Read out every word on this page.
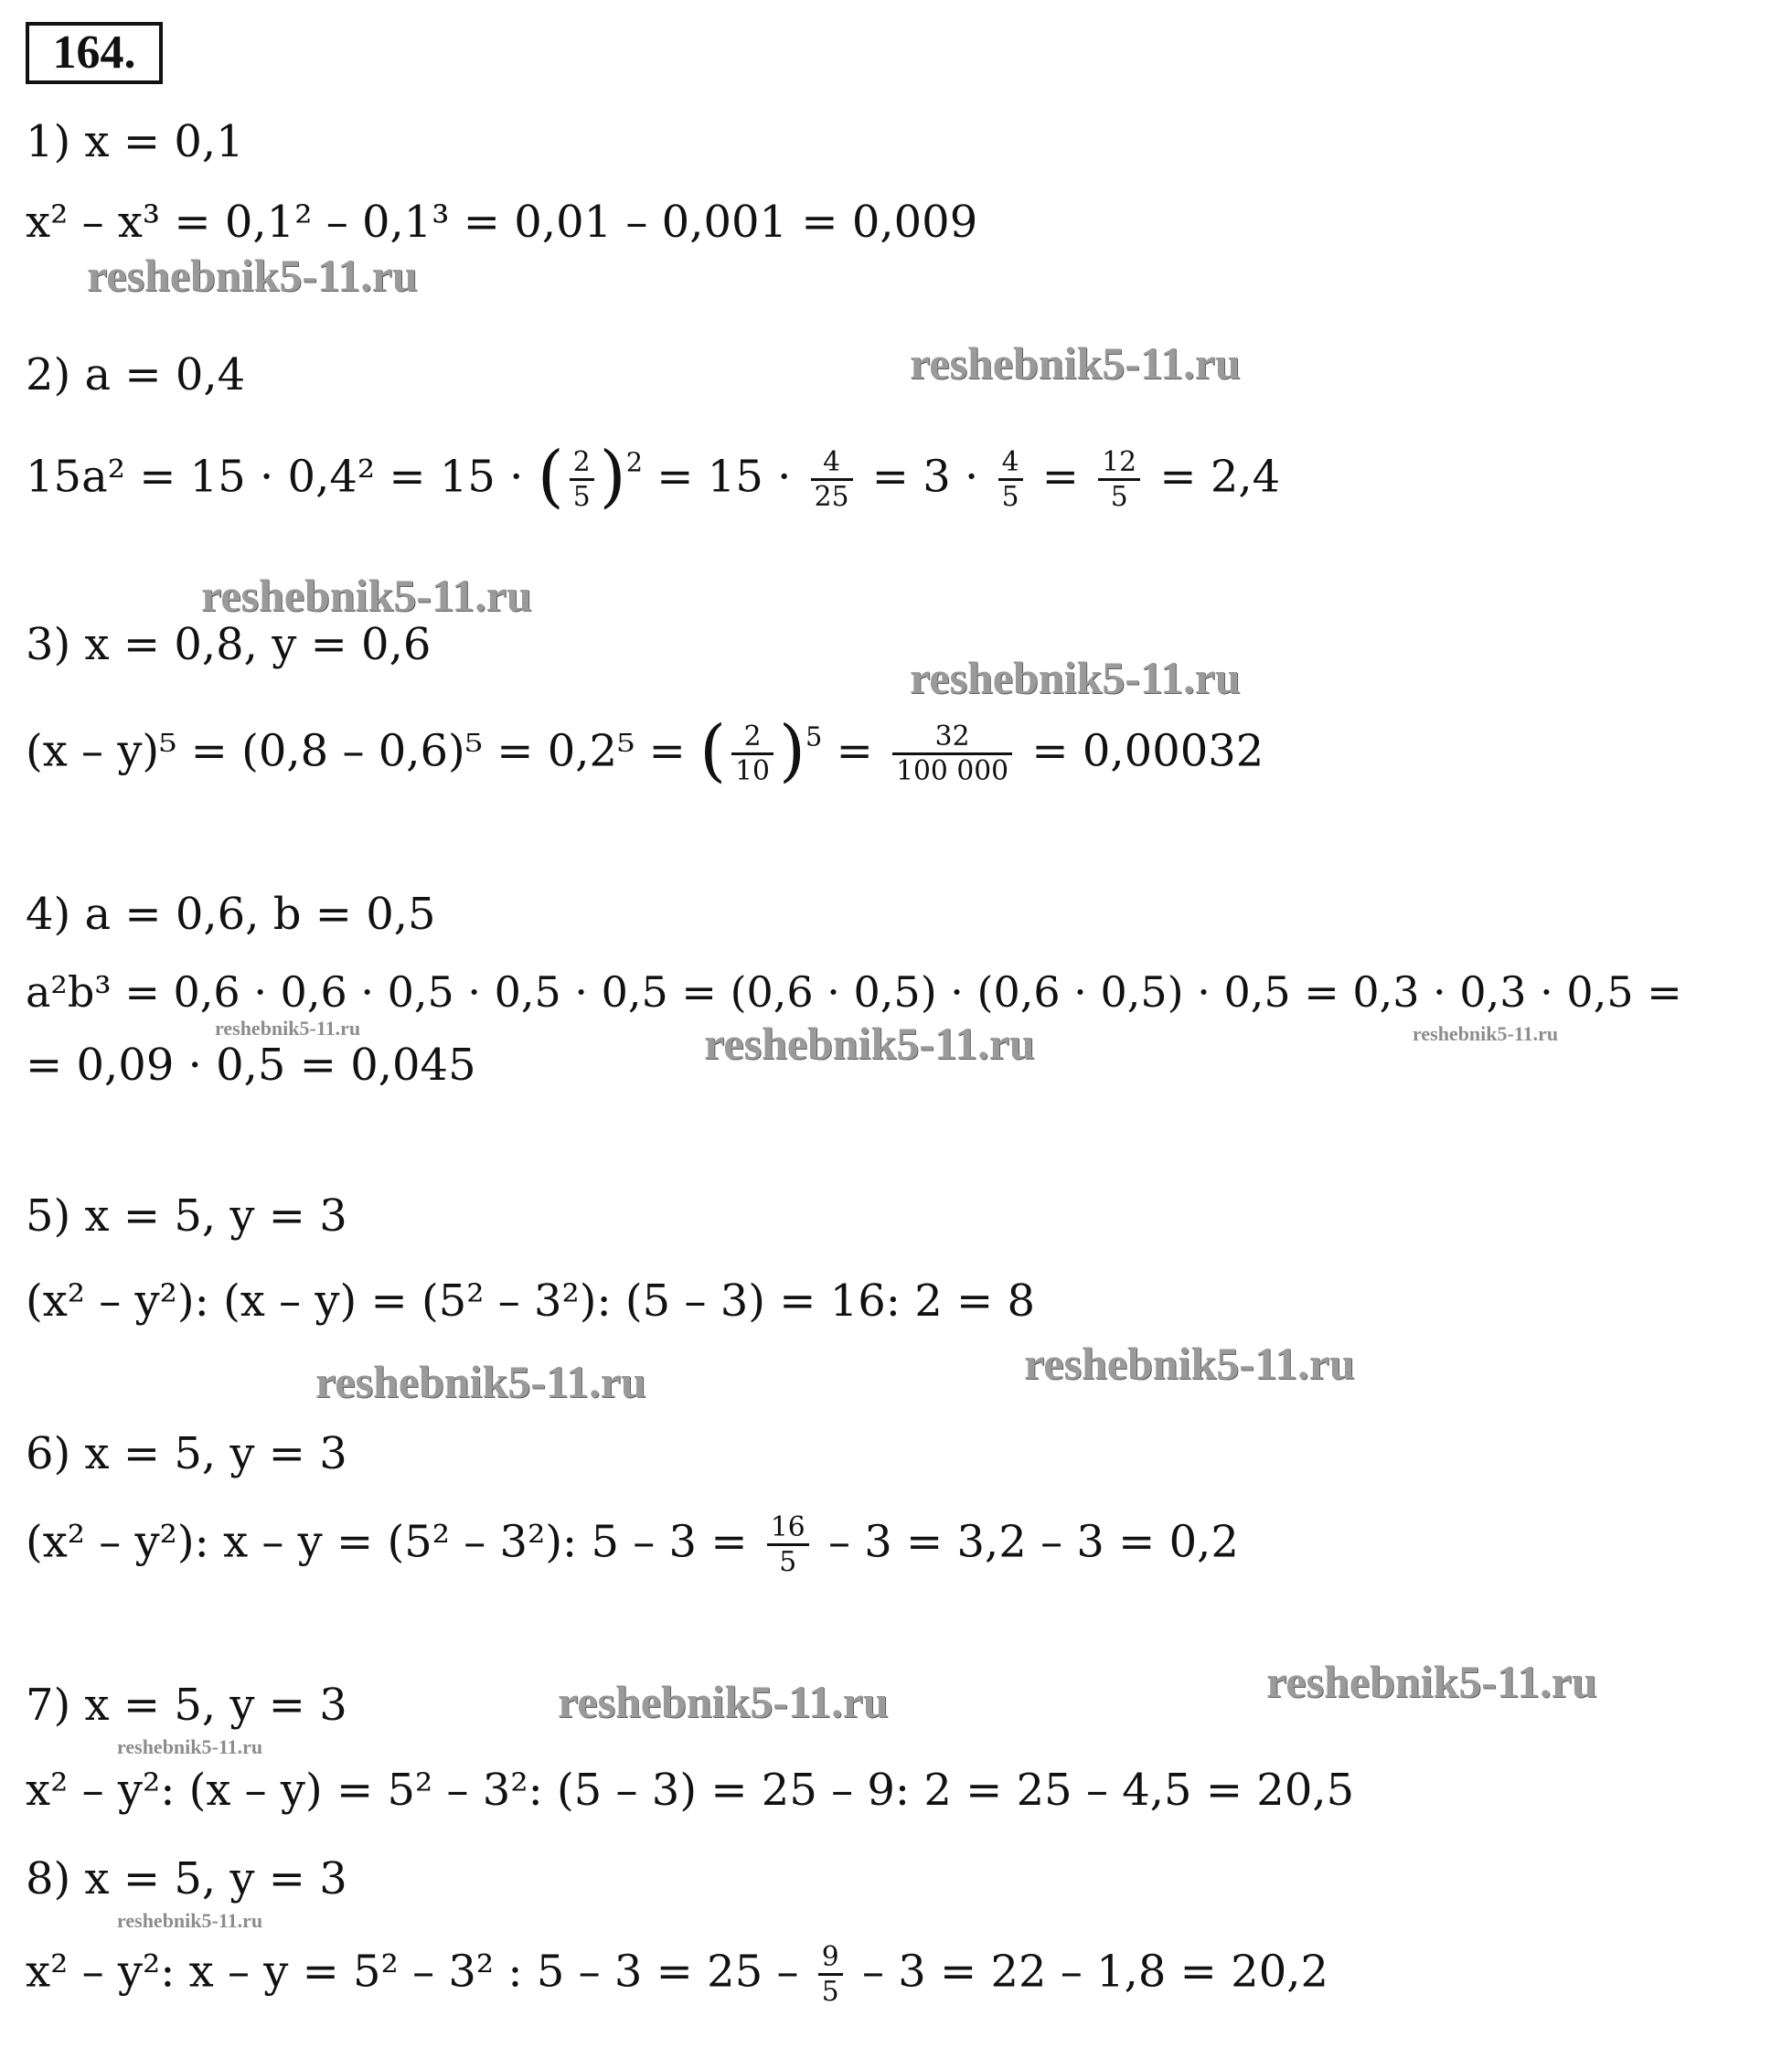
164.
1) x = 0,1
x² – x³ = 0,1² – 0,1³ = 0,01 – 0,001 = 0,009
2) a = 0,4
15a² = 15 · 0,4² = 15 · ( $\frac{2}{5} )^2 = 15 \cdot \frac{4}{25} = 3 \cdot \frac{4}{5} = \frac{12}{5} = 2,4$
3) x = 0,8, y = 0,6
(x – y)⁵ = (0,8 – 0,6)⁵ = 0,2⁵ = ( $\frac{2}{10} )^5 = \frac{32}{100 000} = 0,00032$
4) a = 0,6, b = 0,5
a²b³ = 0,6 · 0,6 · 0,5 · 0,5 · 0,5 = (0,6 · 0,5) · (0,6 · 0,5) · 0,5 = 0,3 · 0,3 · 0,5 =
= 0,09 · 0,5 = 0,045
5) x = 5, y = 3
(x² – y²): (x – y) = (5² – 3²): (5 – 3) = 16: 2 = 8
6) x = 5, y = 3
(x² – y²): x – y = (5² – 3²): $5 - 3 = \frac{16}{5} - 3 = 3,2 - 3 = 0,2$
7) x = 5, y = 3
x² – y²: (x – y) = 5² – 3²: (5 – 3) = 25 – 9: 2 = 25 – 4,5 = 20,5
8) x = 5, y = 3
x² – y²: x – y = 5² – 3² : $5 - 3 = 25 - \frac{9}{5} - 3 = 22 - 1,8 = 20,2$
reshebnik5-11.ru
reshebnik5-11.ru
reshebnik5-11.ru
reshebnik5-11.ru
reshebnik5-11.ru	reshebnik5-11.ru	reshebnik5-11.ru
reshebnik5-11.ru	reshebnik5-11.ru
reshebnik5-11.ru	reshebnik5-11.ru
reshebnik5-11.ru
reshebnik5-11.ru
